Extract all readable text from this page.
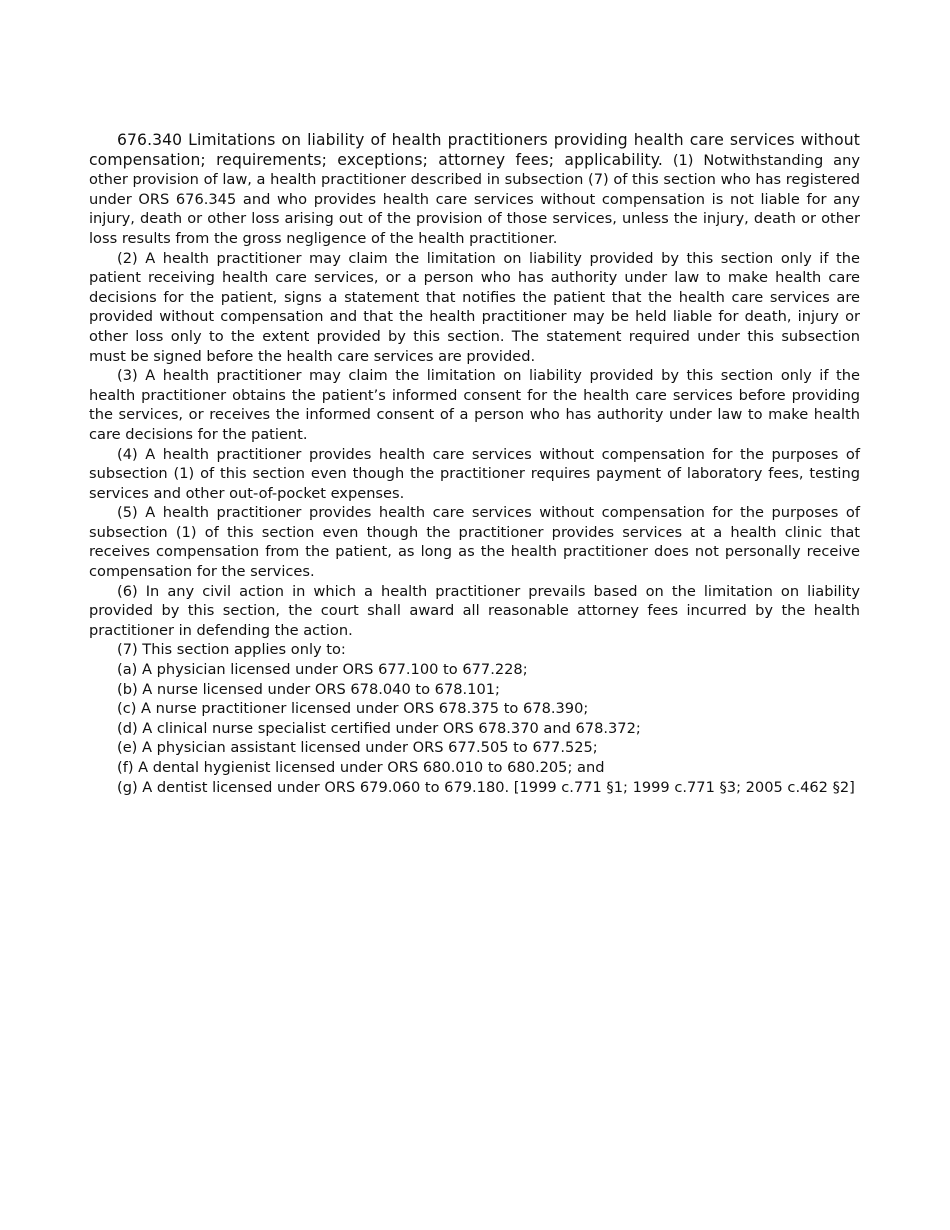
676.340 Limitations on liability of health practitioners providing health care services without compensation; requirements; exceptions; attorney fees; applicability. (1) Notwithstanding any other provision of law, a health practitioner described in subsection (7) of this section who has registered under ORS 676.345 and who provides health care services without compensation is not liable for any injury, death or other loss arising out of the provision of those services, unless the injury, death or other loss results from the gross negligence of the health practitioner.

(2) A health practitioner may claim the limitation on liability provided by this section only if the patient receiving health care services, or a person who has authority under law to make health care decisions for the patient, signs a statement that notifies the patient that the health care services are provided without compensation and that the health practitioner may be held liable for death, injury or other loss only to the extent provided by this section. The statement required under this subsection must be signed before the health care services are provided.

(3) A health practitioner may claim the limitation on liability provided by this section only if the health practitioner obtains the patient’s informed consent for the health care services before providing the services, or receives the informed consent of a person who has authority under law to make health care decisions for the patient.

(4) A health practitioner provides health care services without compensation for the purposes of subsection (1) of this section even though the practitioner requires payment of laboratory fees, testing services and other out-of-pocket expenses.

(5) A health practitioner provides health care services without compensation for the purposes of subsection (1) of this section even though the practitioner provides services at a health clinic that receives compensation from the patient, as long as the health practitioner does not personally receive compensation for the services.

(6) In any civil action in which a health practitioner prevails based on the limitation on liability provided by this section, the court shall award all reasonable attorney fees incurred by the health practitioner in defending the action.

(7) This section applies only to:

(a) A physician licensed under ORS 677.100 to 677.228;

(b) A nurse licensed under ORS 678.040 to 678.101;

(c) A nurse practitioner licensed under ORS 678.375 to 678.390;

(d) A clinical nurse specialist certified under ORS 678.370 and 678.372;

(e) A physician assistant licensed under ORS 677.505 to 677.525;

(f) A dental hygienist licensed under ORS 680.010 to 680.205; and

(g) A dentist licensed under ORS 679.060 to 679.180. [1999 c.771 §1; 1999 c.771 §3; 2005 c.462 §2]
